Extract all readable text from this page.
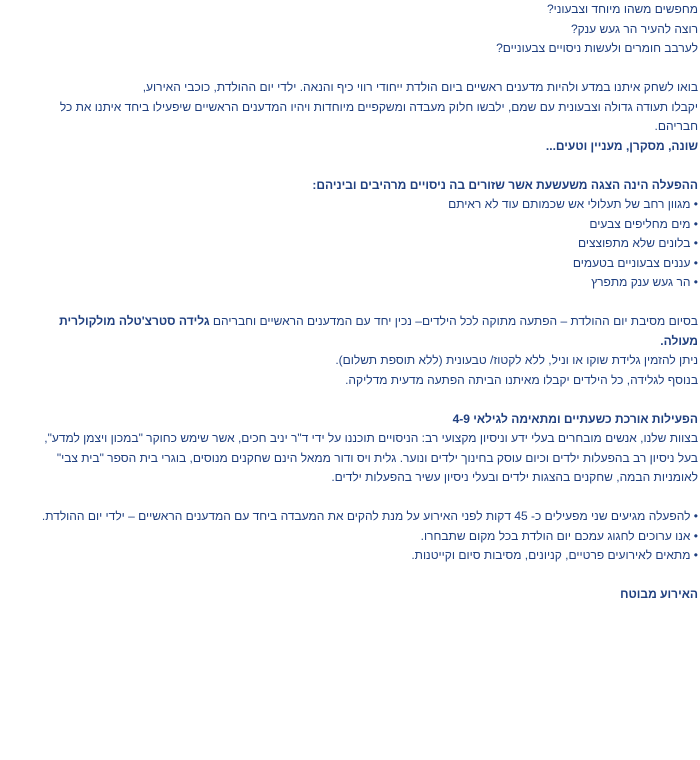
מחפשים משהו מיוחד וצבעוני?

רוצה להעיר הר געש ענק?

לערבב חומרים ולעשות ניסויים צבעוניים?

בואו לשחק איתנו במדע ולהיות מדענים ראשיים ביום הולדת ייחודי רווי כיף והנאה. ילדי יום ההולדת, כוכבי האירוע,

יקבלו תעודה גדולה וצבעונית עם שמם, ילבשו חלוק מעבדה ומשקפיים מיוחדות ויהיו המדענים הראשיים שיפעילו ביחד איתנו את כל

חבריהם.

שונה, מסקרן, מעניין וטעים...

ההפעלה הינה הצגה משעשעת אשר שזורים בה ניסויים מרהיבים וביניהם:

• מגוון רחב של תעלולי אש שכמותם עוד לא ראיתם

• מים מחליפים צבעים

• בלונים שלא מתפוצצים

• עננים צבעוניים בטעמים

• הר געש ענק מתפרץ

בסיום מסיבת יום ההולדת – הפתעה מתוקה לכל הילדים– נכין יחד עם המדענים הראשיים וחבריהם גלידה סטרצ'טלה מולקולרית

מעולה.

ניתן להזמין גלידת שוקו או וניל, ללא לקטוז/ טבעונית (ללא תוספת תשלום).

בנוסף לגלידה, כל הילדים יקבלו מאיתנו הביתה הפתעה מדעית מדליקה.

הפעילות אורכת כשעתיים ומתאימה לגילאי 4-9

בצוות שלנו, אנשים מובחרים בעלי ידע וניסיון מקצועי רב: הניסויים תוכננו על ידי ד"ר יניב חכים, אשר שימש כחוקר "במכון ויצמן למדע",

בעל ניסיון רב בהפעלות ילדים וכיום עוסק בחינוך ילדים ונוער. גלית ויס ודור ממאל הינם שחקנים מנוסים, בוגרי בית הספר "בית צבי"

לאומניות הבמה, שחקנים בהצגות ילדים ובעלי ניסיון עשיר בהפעלות ילדים.

• להפעלה מגיעים שני מפעילים כ- 45 דקות לפני האירוע על מנת להקים את המעבדה ביחד עם המדענים הראשיים – ילדי יום ההולדת.

• אנו ערוכים לחגוג עמכם יום הולדת בכל מקום שתבחרו.

• מתאים לאירועים פרטיים, קניונים, מסיבות סיום וקייטנות.

האירוע מבוטח
